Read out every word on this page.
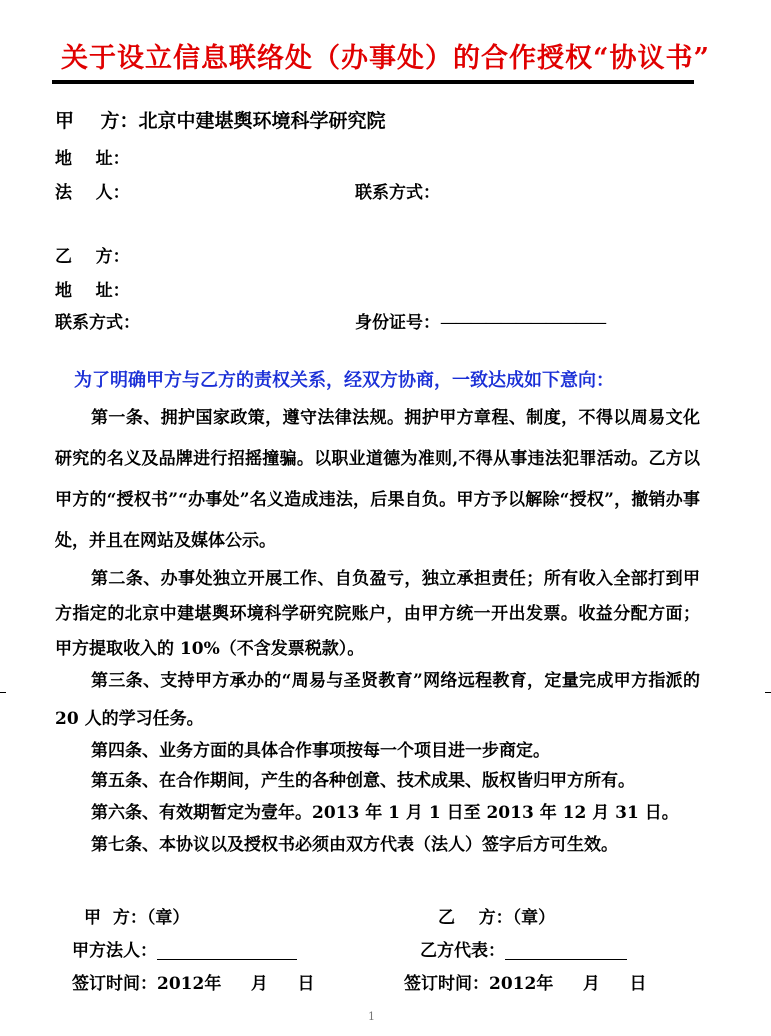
关于设立信息联络处（办事处）的合作授权“协议书”
甲    方：北京中建堪舆环境科学研究院
地    址：
法    人：	联系方式：
乙    方：
地    址：
联系方式：	身份证号：———————————
为了明确甲方与乙方的责权关系，经双方协商，一致达成如下意向：

第一条、拥护国家政策，遵守法律法规。拥护甲方章程、制度，不得以周易文化研究的名义及品牌进行招摇撞骗。以职业道德为准则,不得从事违法犯罪活动。乙方以甲方的“授权书”“办事处”名义造成违法，后果自负。甲方予以解除“授权”，撤销办事处，并且在网站及媒体公示。

第二条、办事处独立开展工作、自负盈亏，独立承担责任；所有收入全部打到甲方指定的北京中建堪舆环境科学研究院账户，由甲方统一开出发票。收益分配方面；甲方提取收入的 10%（不含发票税款）。

第三条、支持甲方承办的“周易与圣贤教育”网络远程教育，定量完成甲方指派的 20 人的学习任务。

第四条、业务方面的具体合作事项按每一个项目进一步商定。

第五条、在合作期间，产生的各种创意、技术成果、版权皆归甲方所有。

第六条、有效期暂定为壹年。2013 年 1 月 1 日至 2013 年 12 月 31 日。

第七条、本协议以及授权书必须由双方代表（法人）签字后方可生效。

甲  方：（章）	乙    方：（章）
甲方法人：	乙方代表：
签订时间：2012年     月     日	签订时间：2012年     月     日
1
